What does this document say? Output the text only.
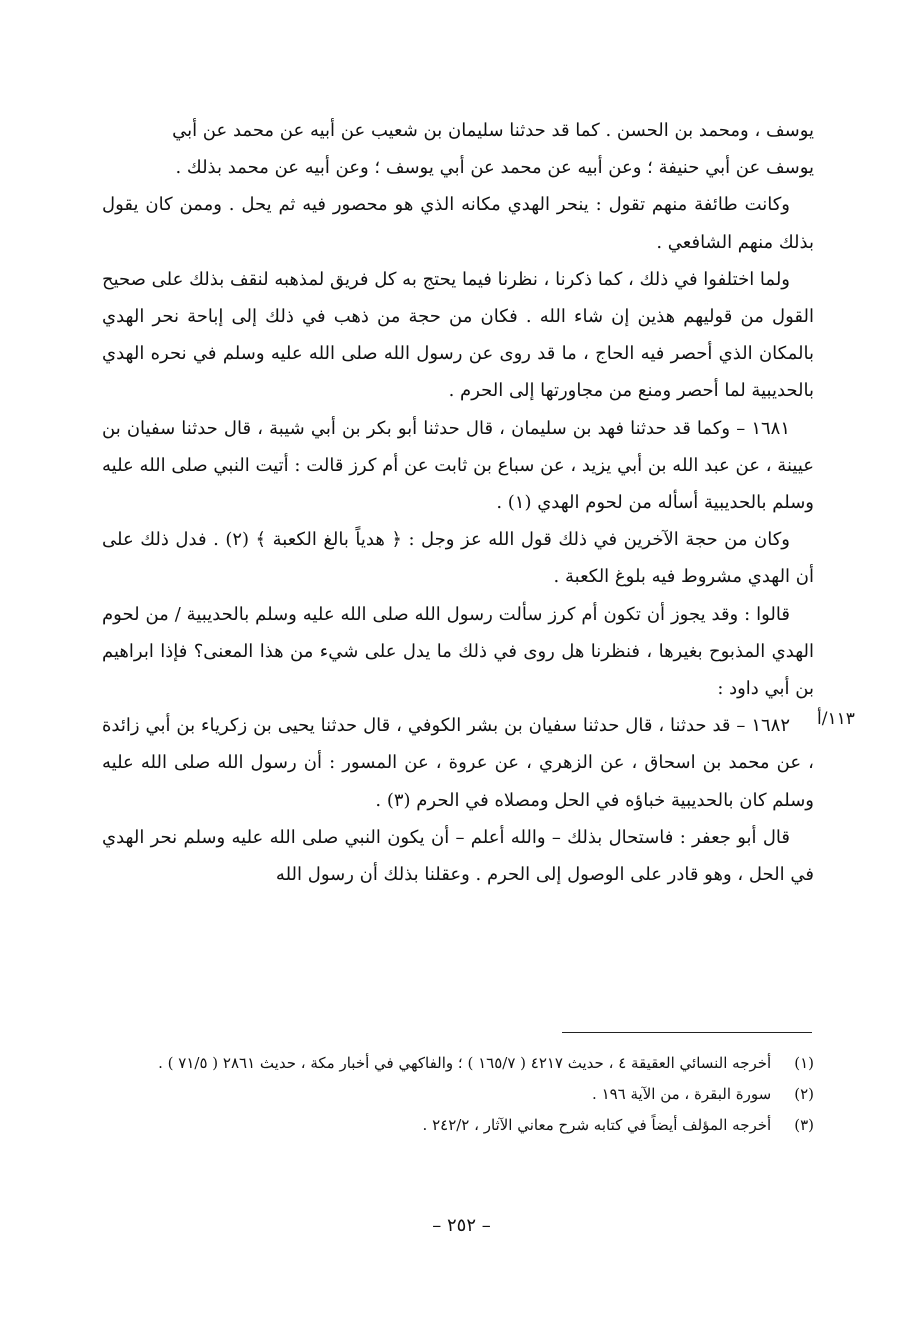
يوسف ، ومحمد بن الحسن . كما قد حدثنا سليمان بن شعيب عن أبيه عن محمد عن أبي
يوسف عن أبي حنيفة ؛ وعن أبيه عن محمد عن أبي يوسف ؛ وعن أبيه عن محمد بذلك .

وكانت طائفة منهم تقول : ينحر الهدي مكانه الذي هو محصور فيه ثم يحل . وممن كان يقول بذلك منهم الشافعي .

ولما اختلفوا في ذلك ، كما ذكرنا ، نظرنا فيما يحتج به كل فريق لمذهبه لنقف بذلك على صحيح القول من قوليهم هذين إن شاء الله . فكان من حجة من ذهب في ذلك إلى إباحة نحر الهدي بالمكان الذي أحصر فيه الحاج ، ما قد روى عن رسول الله صلى الله عليه وسلم في نحره الهدي بالحديبية لما أحصر ومنع من مجاورتها إلى الحرم .

١٦٨١ – وكما قد حدثنا فهد بن سليمان ، قال حدثنا أبو بكر بن أبي شيبة ، قال حدثنا سفيان بن عيينة ، عن عبد الله بن أبي يزيد ، عن سباع بن ثابت عن أم كرز قالت : أتيت النبي صلى الله عليه وسلم بالحديبية أسأله من لحوم الهدي (١) .

وكان من حجة الآخرين في ذلك قول الله عز وجل : ﴿ هدياً بالغ الكعبة ﴾ (٢) . فدل ذلك على أن الهدي مشروط فيه بلوغ الكعبة .

قالوا : وقد يجوز أن تكون أم كرز سألت رسول الله صلى الله عليه وسلم بالحديبية / من لحوم الهدي المذبوح بغيرها ، فنظرنا هل روى في ذلك ما يدل على شيء من هذا المعنى؟ فإذا ابراهيم بن أبي داود :

١٦٨٢ – قد حدثنا ، قال حدثنا سفيان بن بشر الكوفي ، قال حدثنا يحيى بن زكرياء بن أبي زائدة ، عن محمد بن اسحاق ، عن الزهري ، عن عروة ، عن المسور : أن رسول الله صلى الله عليه وسلم كان بالحديبية خباؤه في الحل ومصلاه في الحرم (٣) .

قال أبو جعفر : فاستحال بذلك – والله أعلم – أن يكون النبي صلى الله عليه وسلم نحر الهدي في الحل ، وهو قادر على الوصول إلى الحرم . وعقلنا بذلك أن رسول الله

١١٣/أ

(١) أخرجه النسائي العقيقة ٤ ، حديث ٤٢١٧ ( ١٦٥/٧ ) ؛ والفاكهي في أخبار مكة ، حديث ٢٨٦١ ( ٧١/٥ ) .

(٢) سورة البقرة ، من الآية ١٩٦ .

(٣) أخرجه المؤلف أيضاً في كتابه شرح معاني الآثار ، ٢٤٢/٢ .

– ٢٥٢ –
